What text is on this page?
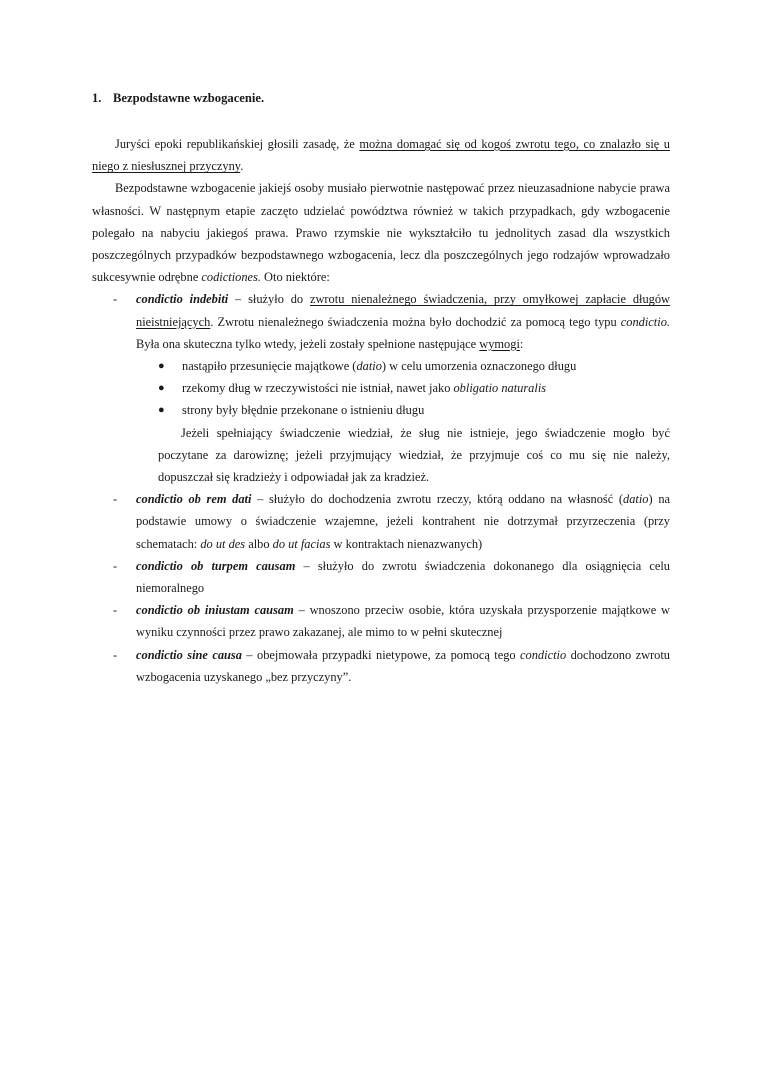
1. Bezpodstawne wzbogacenie.

Juryści epoki republikańskiej głosili zasadę, że można domagać się od kogoś zwrotu tego, co znalazło się u niego z niesłusznej przyczyny.

Bezpodstawne wzbogacenie jakiejś osoby musiało pierwotnie następować przez nieuzasadnione nabycie prawa własności. W następnym etapie zaczęto udzielać powództwa również w takich przypadkach, gdy wzbogacenie polegało na nabyciu jakiegoś prawa. Prawo rzymskie nie wykształciło tu jednolitych zasad dla wszystkich poszczególnych przypadków bezpodstawnego wzbogacenia, lecz dla poszczególnych jego rodzajów wprowadzało sukcesywnie odrębne codictiones. Oto niektóre:

-	condictio indebiti – służyło do zwrotu nienależnego świadczenia, przy omyłkowej zapłacie długów nieistniejących. Zwrotu nienależnego świadczenia można było dochodzić za pomocą tego typu condictio. Była ona skuteczna tylko wtedy, jeżeli zostały spełnione następujące wymogi:
● nastąpiło przesunięcie majątkowe (datio) w celu umorzenia oznaczonego długu
● rzekomy dług w rzeczywistości nie istniał, nawet jako obligatio naturalis
● strony były błędnie przekonane o istnieniu długu

Jeżeli spełniający świadczenie wiedział, że sług nie istnieje, jego świadczenie mogło być poczytane za darowiznę; jeżeli przyjmujący wiedział, że przyjmuje coś co mu się nie należy, dopuszczał się kradzieży i odpowiadał jak za kradzież.

-	condictio ob rem dati – służyło do dochodzenia zwrotu rzeczy, którą oddano na własność (datio) na podstawie umowy o świadczenie wzajemne, jeżeli kontrahent nie dotrzymał przyrzeczenia (przy schematach: do ut des albo do ut facias w kontraktach nienazwanych)
-	condictio ob turpem causam – służyło do zwrotu świadczenia dokonanego dla osiągnięcia celu niemoralnego
-	condictio ob iniustam causam – wnoszono przeciw osobie, która uzyskała przysporzenie majątkowe w wyniku czynności przez prawo zakazanej, ale mimo to w pełni skutecznej
-	condictio sine causa – obejmowała przypadki nietypowe, za pomocą tego condictio dochodzono zwrotu wzbogacenia uzyskanego „bez przyczyny”.
